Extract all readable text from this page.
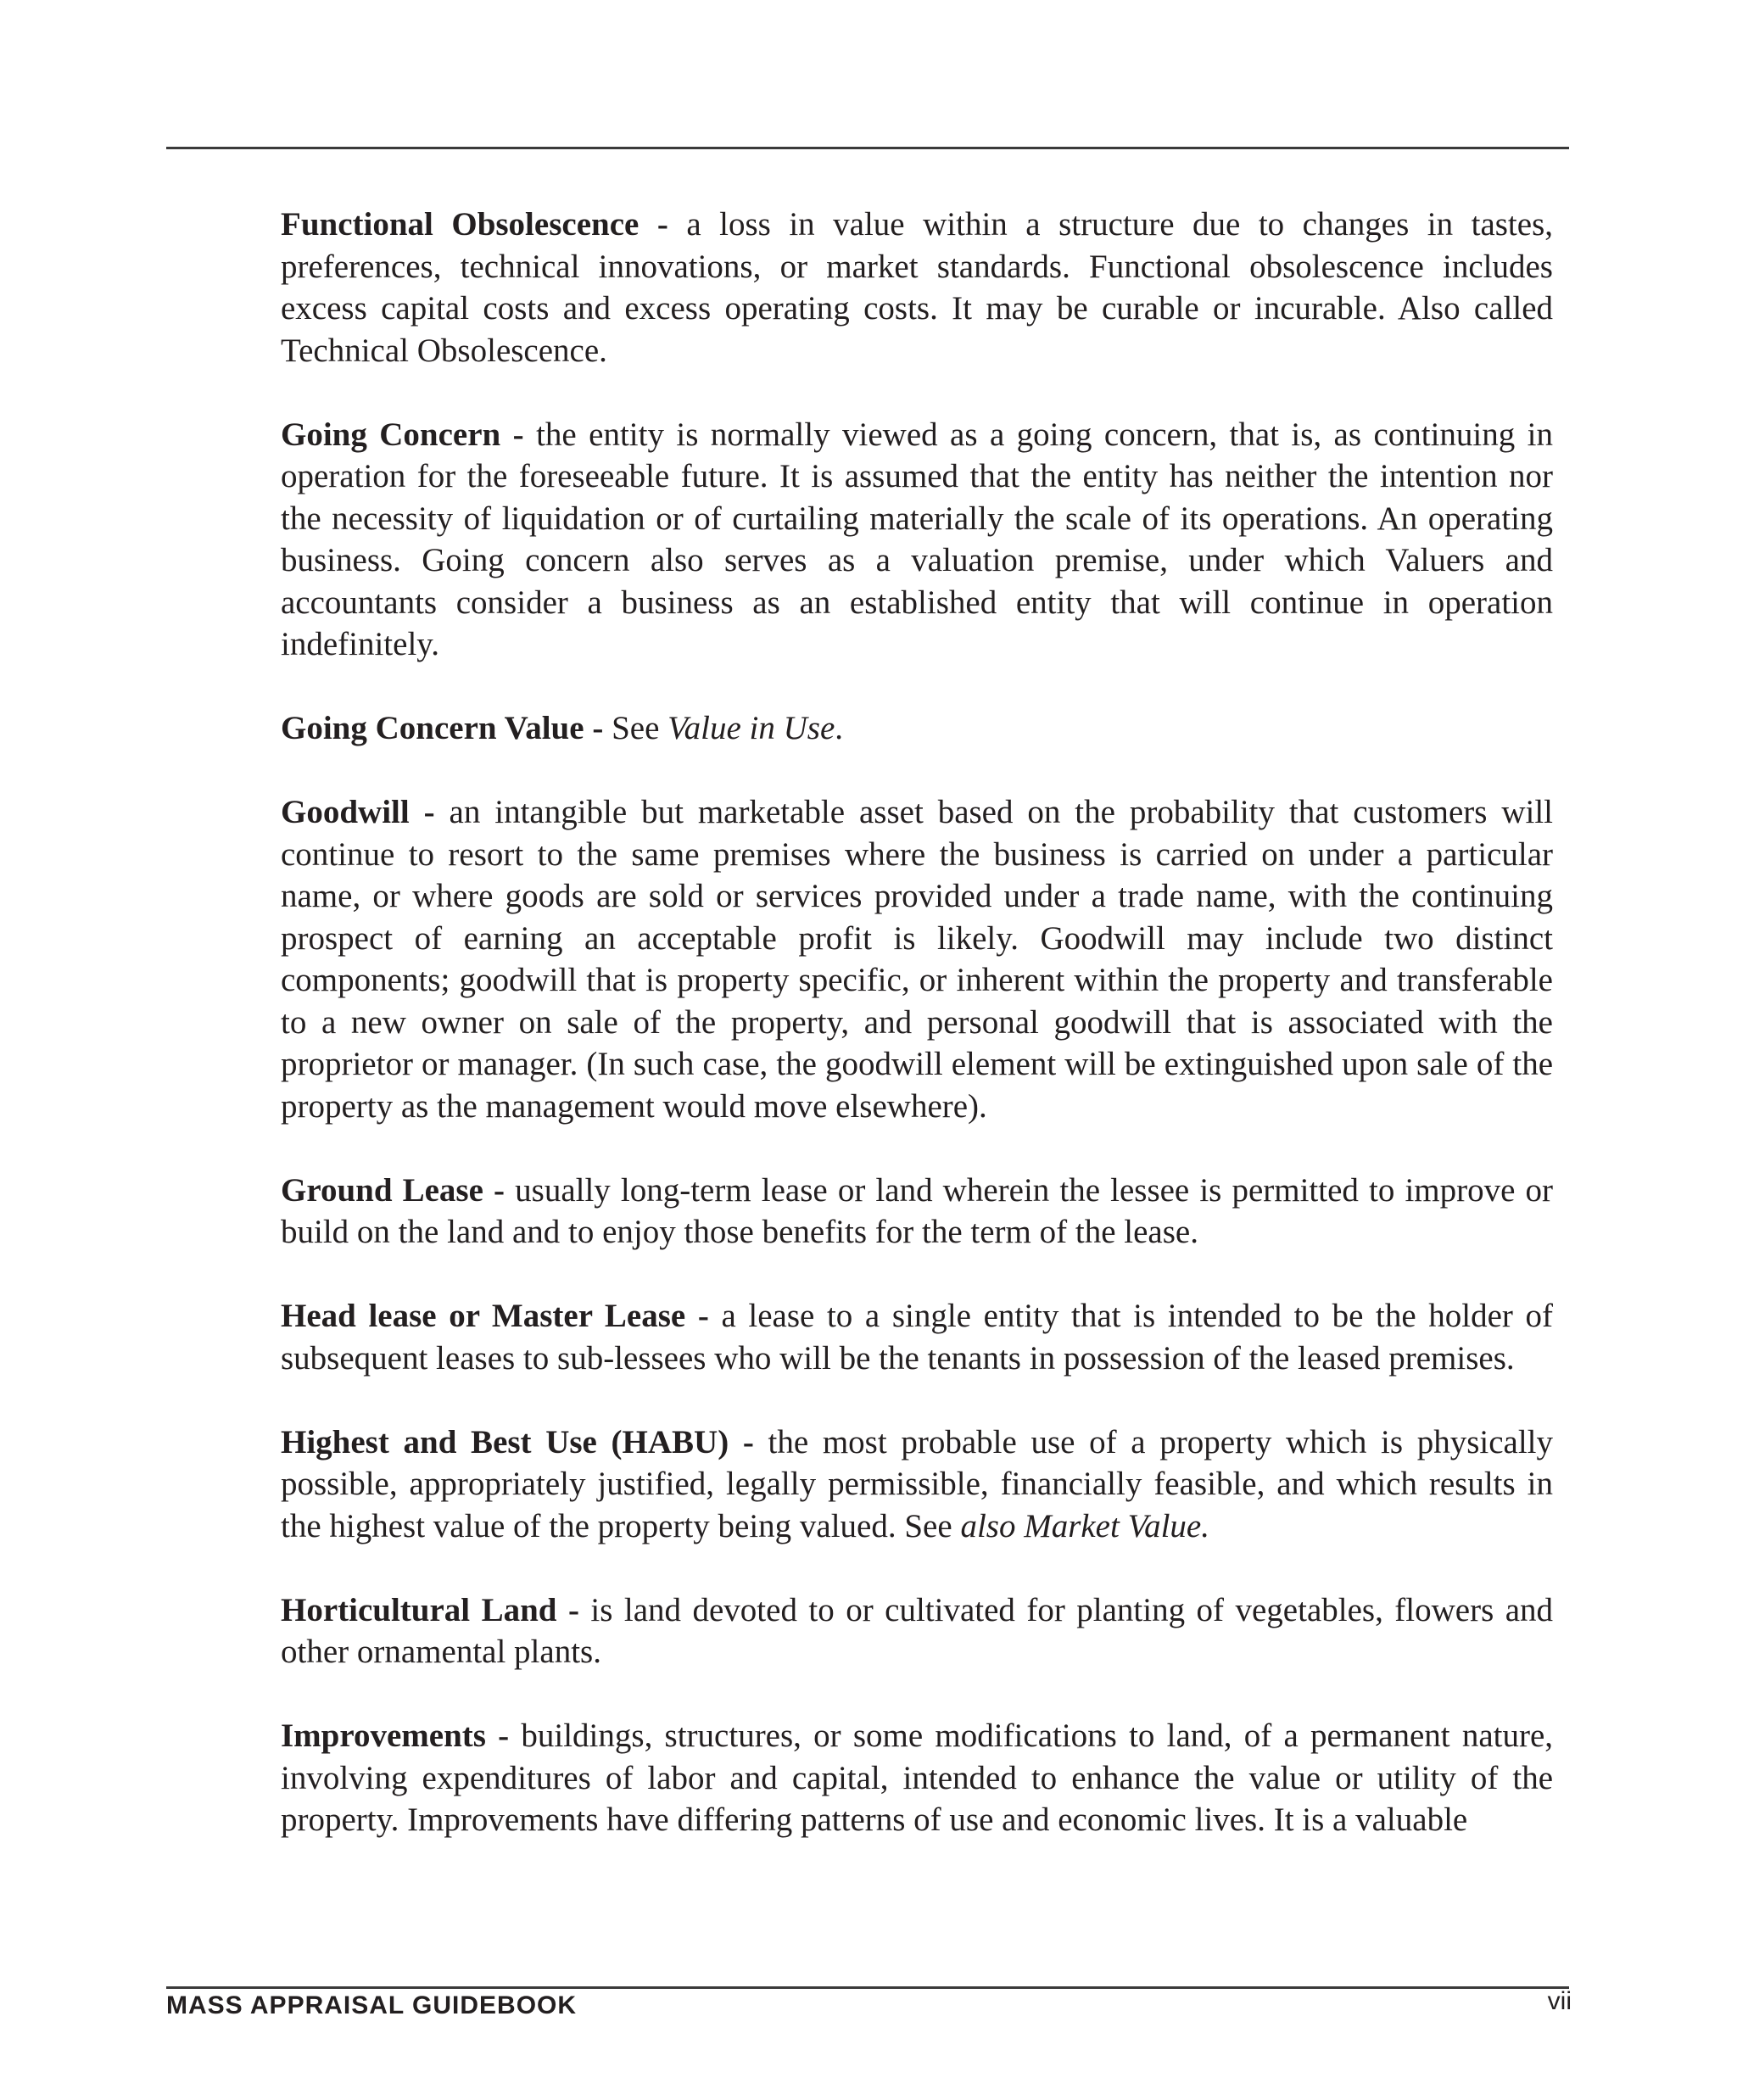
Functional Obsolescence - a loss in value within a structure due to changes in tastes, preferences, technical innovations, or market standards. Functional obsolescence includes excess capital costs and excess operating costs. It may be curable or incurable. Also called Technical Obsolescence.

Going Concern - the entity is normally viewed as a going concern, that is, as continuing in operation for the foreseeable future. It is assumed that the entity has neither the intention nor the necessity of liquidation or of curtailing materially the scale of its operations. An operating business. Going concern also serves as a valuation premise, under which Valuers and accountants consider a business as an established entity that will continue in operation indefinitely.

Going Concern Value - See Value in Use.

Goodwill - an intangible but marketable asset based on the probability that customers will continue to resort to the same premises where the business is carried on under a particular name, or where goods are sold or services provided under a trade name, with the continuing prospect of earning an acceptable profit is likely. Goodwill may include two distinct components; goodwill that is property specific, or inherent within the property and transferable to a new owner on sale of the property, and personal goodwill that is associated with the proprietor or manager. (In such case, the goodwill element will be extinguished upon sale of the property as the management would move elsewhere).

Ground Lease - usually long-term lease or land wherein the lessee is permitted to improve or build on the land and to enjoy those benefits for the term of the lease.

Head lease or Master Lease - a lease to a single entity that is intended to be the holder of subsequent leases to sub-lessees who will be the tenants in possession of the leased premises.

Highest and Best Use (HABU) - the most probable use of a property which is physically possible, appropriately justified, legally permissible, financially feasible, and which results in the highest value of the property being valued. See also Market Value.

Horticultural Land - is land devoted to or cultivated for planting of vegetables, flowers and other ornamental plants.

Improvements - buildings, structures, or some modifications to land, of a permanent nature, involving expenditures of labor and capital, intended to enhance the value or utility of the property. Improvements have differing patterns of use and economic lives. It is a valuable

MASS APPRAISAL GUIDEBOOK	vii
